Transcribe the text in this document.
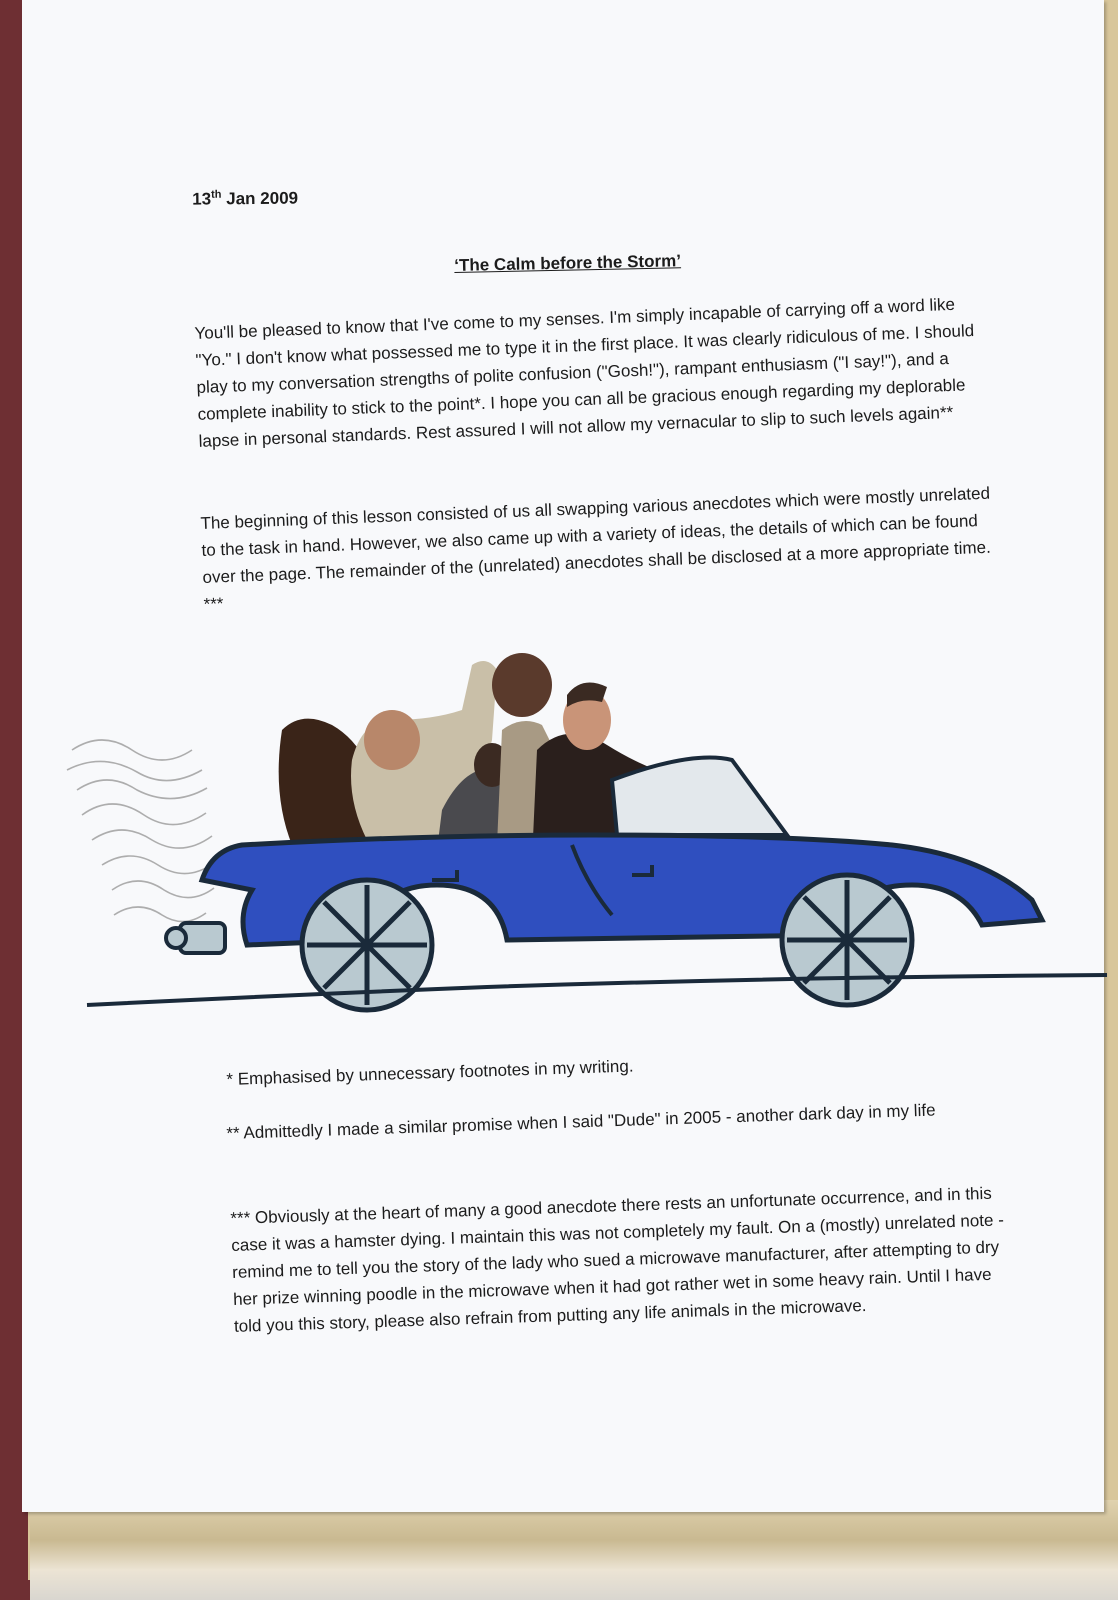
13th Jan 2009
‘The Calm before the Storm’
You'll be pleased to know that I've come to my senses. I'm simply incapable of carrying off a word like "Yo." I don't know what possessed me to type it in the first place. It was clearly ridiculous of me. I should play to my conversation strengths of polite confusion ("Gosh!"), rampant enthusiasm ("I say!"), and a complete inability to stick to the point*. I hope you can all be gracious enough regarding my deplorable lapse in personal standards. Rest assured I will not allow my vernacular to slip to such levels again**
The beginning of this lesson consisted of us all swapping various anecdotes which were mostly unrelated to the task in hand. However, we also came up with a variety of ideas, the details of which can be found over the page. The remainder of the (unrelated) anecdotes shall be disclosed at a more appropriate time. ***
* Emphasised by unnecessary footnotes in my writing.
** Admittedly I made a similar promise when I said "Dude" in 2005 - another dark day in my life
*** Obviously at the heart of many a good anecdote there rests an unfortunate occurrence, and in this case it was a hamster dying. I maintain this was not completely my fault. On a (mostly) unrelated note - remind me to tell you the story of the lady who sued a microwave manufacturer, after attempting to dry her prize winning poodle in the microwave when it had got rather wet in some heavy rain. Until I have told you this story, please also refrain from putting any life animals in the microwave.
